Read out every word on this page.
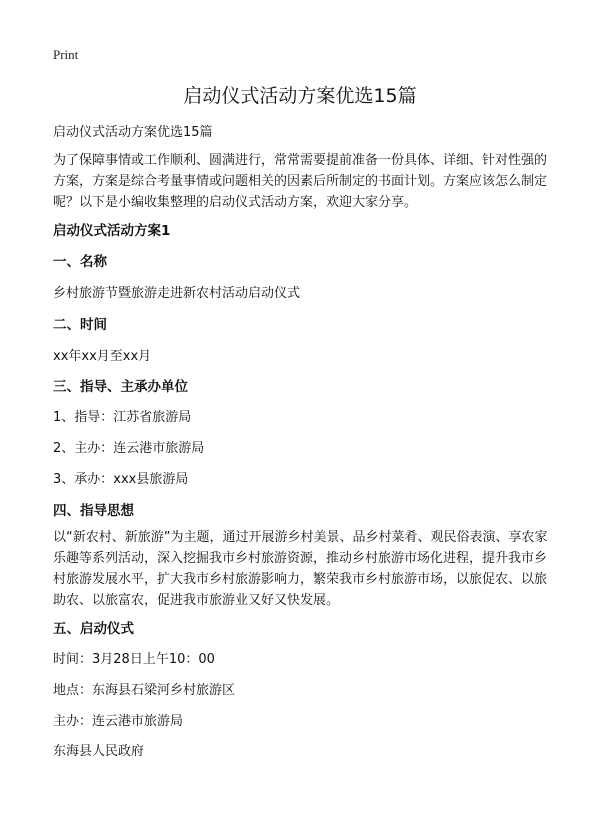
Print
启动仪式活动方案优选15篇
启动仪式活动方案优选15篇
为了保障事情或工作顺利、圆满进行，常常需要提前准备一份具体、详细、针对性强的方案，方案是综合考量事情或问题相关的因素后所制定的书面计划。方案应该怎么制定呢？以下是小编收集整理的启动仪式活动方案，欢迎大家分享。
启动仪式活动方案1
一、名称
乡村旅游节暨旅游走进新农村活动启动仪式
二、时间
xx年xx月至xx月
三、指导、主承办单位
1、指导：江苏省旅游局
2、主办：连云港市旅游局
3、承办：xxx县旅游局
四、指导思想
以“新农村、新旅游”为主题，通过开展游乡村美景、品乡村菜肴、观民俗表演、享农家乐趣等系列活动，深入挖掘我市乡村旅游资源，推动乡村旅游市场化进程，提升我市乡村旅游发展水平，扩大我市乡村旅游影响力，繁荣我市乡村旅游市场，以旅促农、以旅助农、以旅富农，促进我市旅游业又好又快发展。
五、启动仪式
时间：3月28日上午10：00
地点：东海县石梁河乡村旅游区
主办：连云港市旅游局
东海县人民政府
